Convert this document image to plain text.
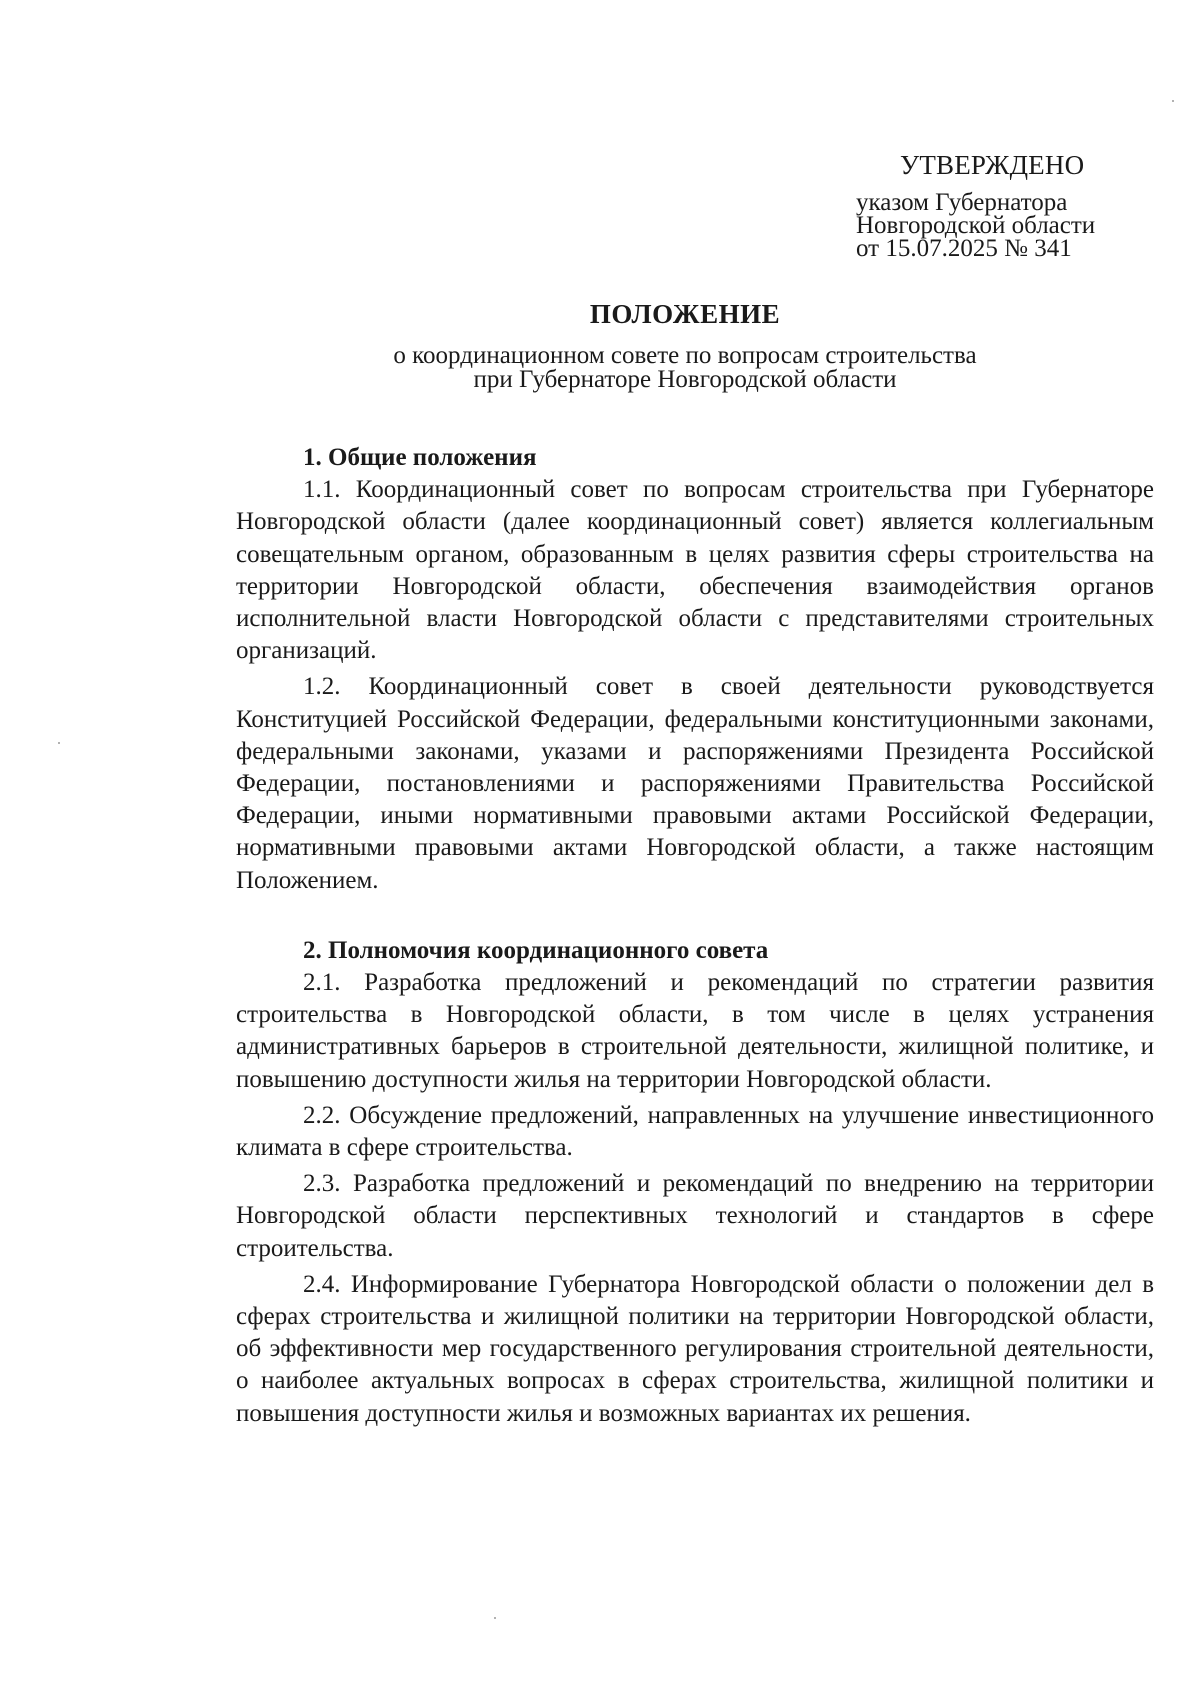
УТВЕРЖДЕНО
указом Губернатора
Новгородской области
от 15.07.2025 № 341
ПОЛОЖЕНИЕ
о координационном совете по вопросам строительства
при Губернаторе Новгородской области

1. Общие положения

1.1. Координационный совет по вопросам строительства при Губернаторе Новгородской области (далее координационный совет) является коллегиальным совещательным органом, образованным в целях развития сферы строительства на территории Новгородской области, обеспечения взаимодействия органов исполнительной власти Новгородской области с представителями строительных организаций.

1.2. Координационный совет в своей деятельности руководствуется Конституцией Российской Федерации, федеральными конституционными законами, федеральными законами, указами и распоряжениями Президента Российской Федерации, постановлениями и распоряжениями Правительства Российской Федерации, иными нормативными правовыми актами Российской Федерации, нормативными правовыми актами Новгородской области, а также настоящим Положением.

2. Полномочия координационного совета

2.1. Разработка предложений и рекомендаций по стратегии развития строительства в Новгородской области, в том числе в целях устранения административных барьеров в строительной деятельности, жилищной политике, и повышению доступности жилья на территории Новгородской области.

2.2. Обсуждение предложений, направленных на улучшение инвестиционного климата в сфере строительства.

2.3. Разработка предложений и рекомендаций по внедрению на территории Новгородской области перспективных технологий и стандартов в сфере строительства.

2.4. Информирование Губернатора Новгородской области о положении дел в сферах строительства и жилищной политики на территории Новгородской области, об эффективности мер государственного регулирования строительной деятельности, о наиболее актуальных вопросах в сферах строительства, жилищной политики и повышения доступности жилья и возможных вариантах их решения.
